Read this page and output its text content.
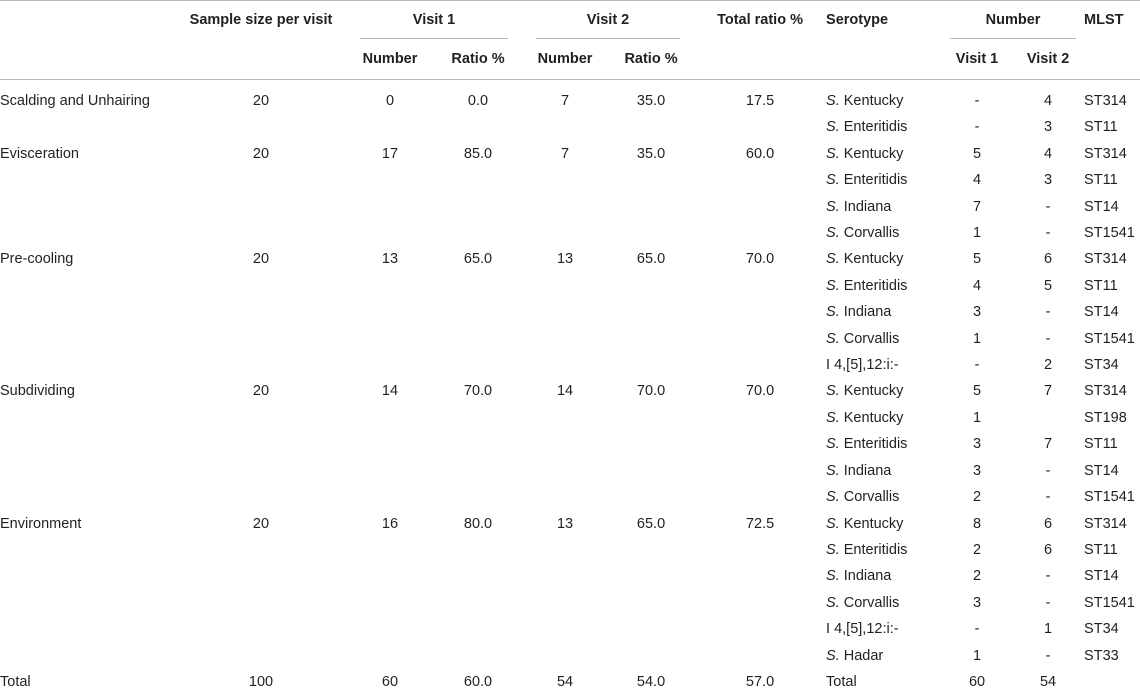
	Sample size per visit	Visit 1		Visit 2		Total ratio %	Serotype	Number		MLST
		Number	Ratio %	Number	Ratio %			Visit 1	Visit 2	
Scalding and Unhairing	20	0	0.0	7	35.0	17.5	S. Kentucky	-	4	ST314
							S. Enteritidis	-	3	ST11
Evisceration	20	17	85.0	7	35.0	60.0	S. Kentucky	5	4	ST314
							S. Enteritidis	4	3	ST11
							S. Indiana	7	-	ST14
							S. Corvallis	1	-	ST1541
Pre-cooling	20	13	65.0	13	65.0	70.0	S. Kentucky	5	6	ST314
							S. Enteritidis	4	5	ST11
							S. Indiana	3	-	ST14
							S. Corvallis	1	-	ST1541
							I 4,[5],12:i:-	-	2	ST34
Subdividing	20	14	70.0	14	70.0	70.0	S. Kentucky	5	7	ST314
							S. Kentucky	1		ST198
							S. Enteritidis	3	7	ST11
							S. Indiana	3	-	ST14
							S. Corvallis	2	-	ST1541
Environment	20	16	80.0	13	65.0	72.5	S. Kentucky	8	6	ST314
							S. Enteritidis	2	6	ST11
							S. Indiana	2	-	ST14
							S. Corvallis	3	-	ST1541
							I 4,[5],12:i:-	-	1	ST34
							S. Hadar	1	-	ST33
Total	100	60	60.0	54	54.0	57.0	Total	60	54	
